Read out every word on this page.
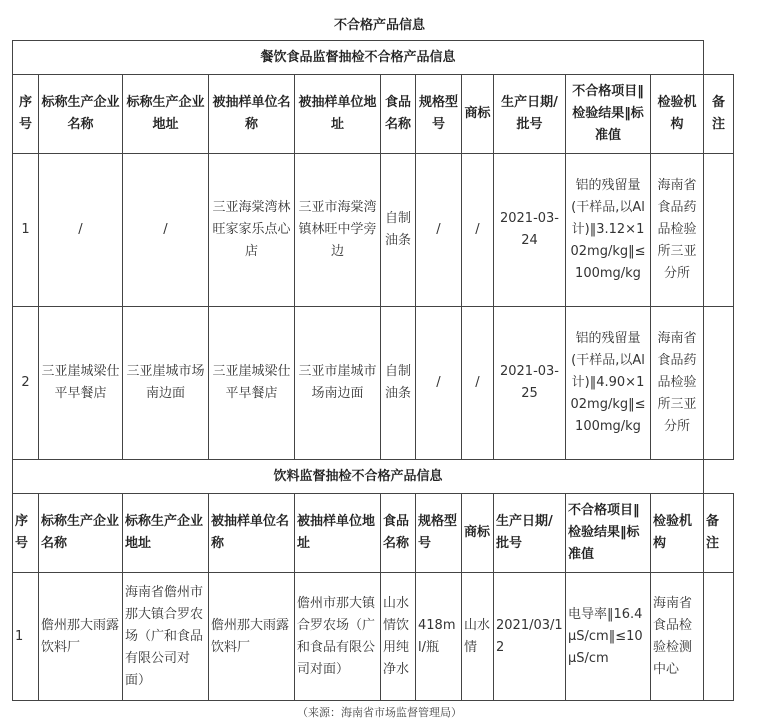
不合格产品信息
餐饮食品监督抽检不合格产品信息											
序号	标称生产企业名称	标称生产企业地址	被抽样单位名称	被抽样单位地址	食品名称	规格型号	商标	生产日期/批号	不合格项目‖检验结果‖标准值	检验机构	备注
1	/	/	三亚海棠湾林旺家家乐点心店	三亚市海棠湾镇林旺中学旁边	自制油条	/	/	2021-03-24	铝的残留量(干样品,以Al计)‖3.12×102mg/kg‖≤100mg/kg	海南省食品药品检验所三亚分所	
2	三亚崖城梁仕平早餐店	三亚崖城市场南边面	三亚崖城梁仕平早餐店	三亚市崖城市场南边面	自制油条	/	/	2021-03-25	铝的残留量(干样品,以Al计)‖4.90×102mg/kg‖≤100mg/kg	海南省食品药品检验所三亚分所	
饮料监督抽检不合格产品信息											
序号	标称生产企业名称	标称生产企业地址	被抽样单位名称	被抽样单位地址	食品名称	规格型号	商标	生产日期/批号	不合格项目‖检验结果‖标准值	检验机构	备注
1	儋州那大雨露饮料厂	海南省儋州市那大镇合罗农场（广和食品有限公司对面）	儋州那大雨露饮料厂	儋州市那大镇合罗农场（广和食品有限公司对面）	山水情饮用纯净水	418ml/瓶	山水情	2021/03/12	电导率‖16.4μS/cm‖≤10μS/cm	海南省食品检验检测中心	
（来源：海南省市场监督管理局）
